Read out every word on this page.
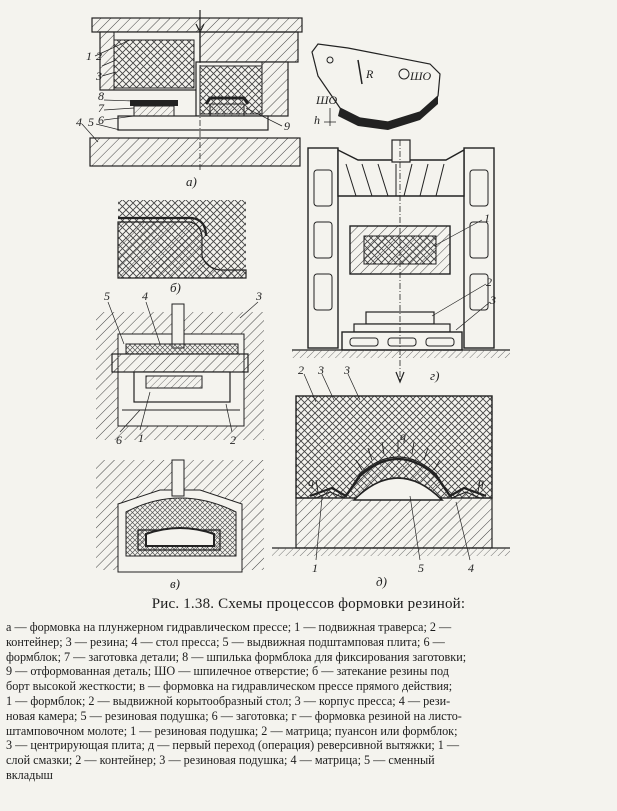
1 2
3
8
7
6
4 5	9
а)
R	ШО
ШО
h
б)
5	4	3
6 1	2
в)
1
2
3
г)
2 3 3
q
q
q
1	5	4
д)
Рис. 1.38. Схемы процессов формовки резиной:
а — формовка на плунжерном гидравлическом прессе; 1 — подвижная траверса; 2 —
контейнер; 3 — резина; 4 — стол пресса; 5 — выдвижная подштамповая плита; 6 —
формблок; 7 — заготовка детали; 8 — шпилька формблока для фиксирования заготовки;
9 — отформованная деталь; ШО — шпилечное отверстие; б — затекание резины под
борт высокой жесткости; в — формовка на гидравлическом прессе прямого действия;
1 — формблок; 2 — выдвижной корытообразный стол; 3 — корпус пресса; 4 — рези-
новая камера; 5 — резиновая подушка; 6 — заготовка; г — формовка резиной на листо-
штамповочном молоте; 1 — резиновая подушка; 2 — матрица; пуансон или формблок;
3 — центрирующая плита; д — первый переход (операция) реверсивной вытяжки; 1 —
слой смазки; 2 — контейнер; 3 — резиновая подушка; 4 — матрица; 5 — сменный
вкладыш
